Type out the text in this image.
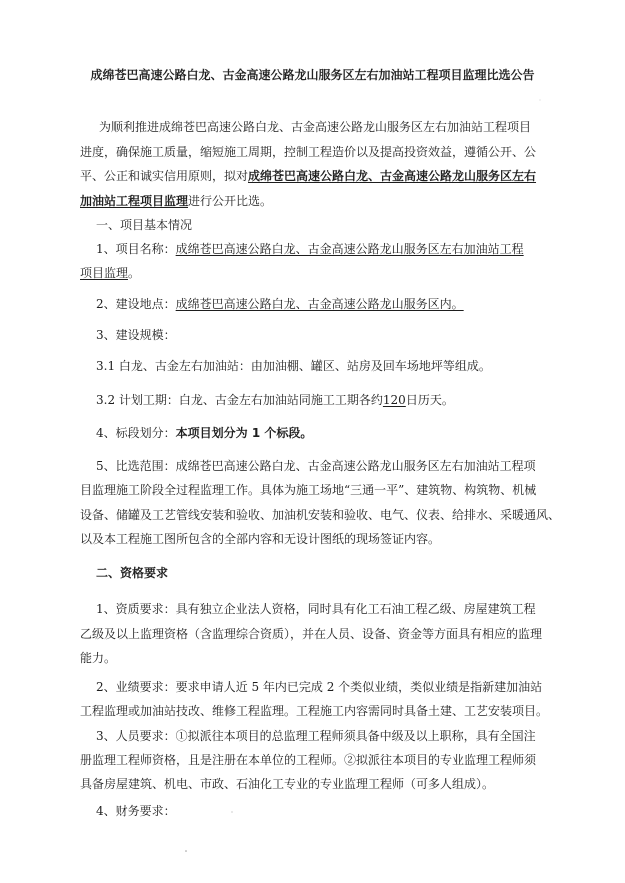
成绵苍巴高速公路白龙、古金高速公路龙山服务区左右加油站工程项目监理比选公告
为顺利推进成绵苍巴高速公路白龙、古金高速公路龙山服务区左右加油站工程项目
进度，确保施工质量，缩短施工周期，控制工程造价以及提高投资效益，遵循公开、公
平、公正和诚实信用原则，拟对成绵苍巴高速公路白龙、古金高速公路龙山服务区左右
加油站工程项目监理进行公开比选。
一、项目基本情况
1、项目名称：成绵苍巴高速公路白龙、古金高速公路龙山服务区左右加油站工程
项目监理。
2、建设地点：成绵苍巴高速公路白龙、古金高速公路龙山服务区内。
3、建设规模：
3.1 白龙、古金左右加油站：由加油棚、罐区、站房及回车场地坪等组成。
3.2 计划工期：白龙、古金左右加油站同施工工期各约120日历天。
4、标段划分：本项目划分为 1 个标段。
5、比选范围：成绵苍巴高速公路白龙、古金高速公路龙山服务区左右加油站工程项
目监理施工阶段全过程监理工作。具体为施工场地“三通一平”、建筑物、构筑物、机械
设备、储罐及工艺管线安装和验收、加油机安装和验收、电气、仪表、给排水、采暖通风、
以及本工程施工图所包含的全部内容和无设计图纸的现场签证内容。
二、资格要求
1、资质要求：具有独立企业法人资格，同时具有化工石油工程乙级、房屋建筑工程
乙级及以上监理资格（含监理综合资质），并在人员、设备、资金等方面具有相应的监理
能力。
2、业绩要求：要求申请人近 5 年内已完成 2 个类似业绩，类似业绩是指新建加油站
工程监理或加油站技改、维修工程监理。工程施工内容需同时具备土建、工艺安装项目。
3、人员要求：①拟派往本项目的总监理工程师须具备中级及以上职称，具有全国注
册监理工程师资格，且是注册在本单位的工程师。②拟派往本项目的专业监理工程师须
具备房屋建筑、机电、市政、石油化工专业的专业监理工程师（可多人组成）。
4、财务要求：
